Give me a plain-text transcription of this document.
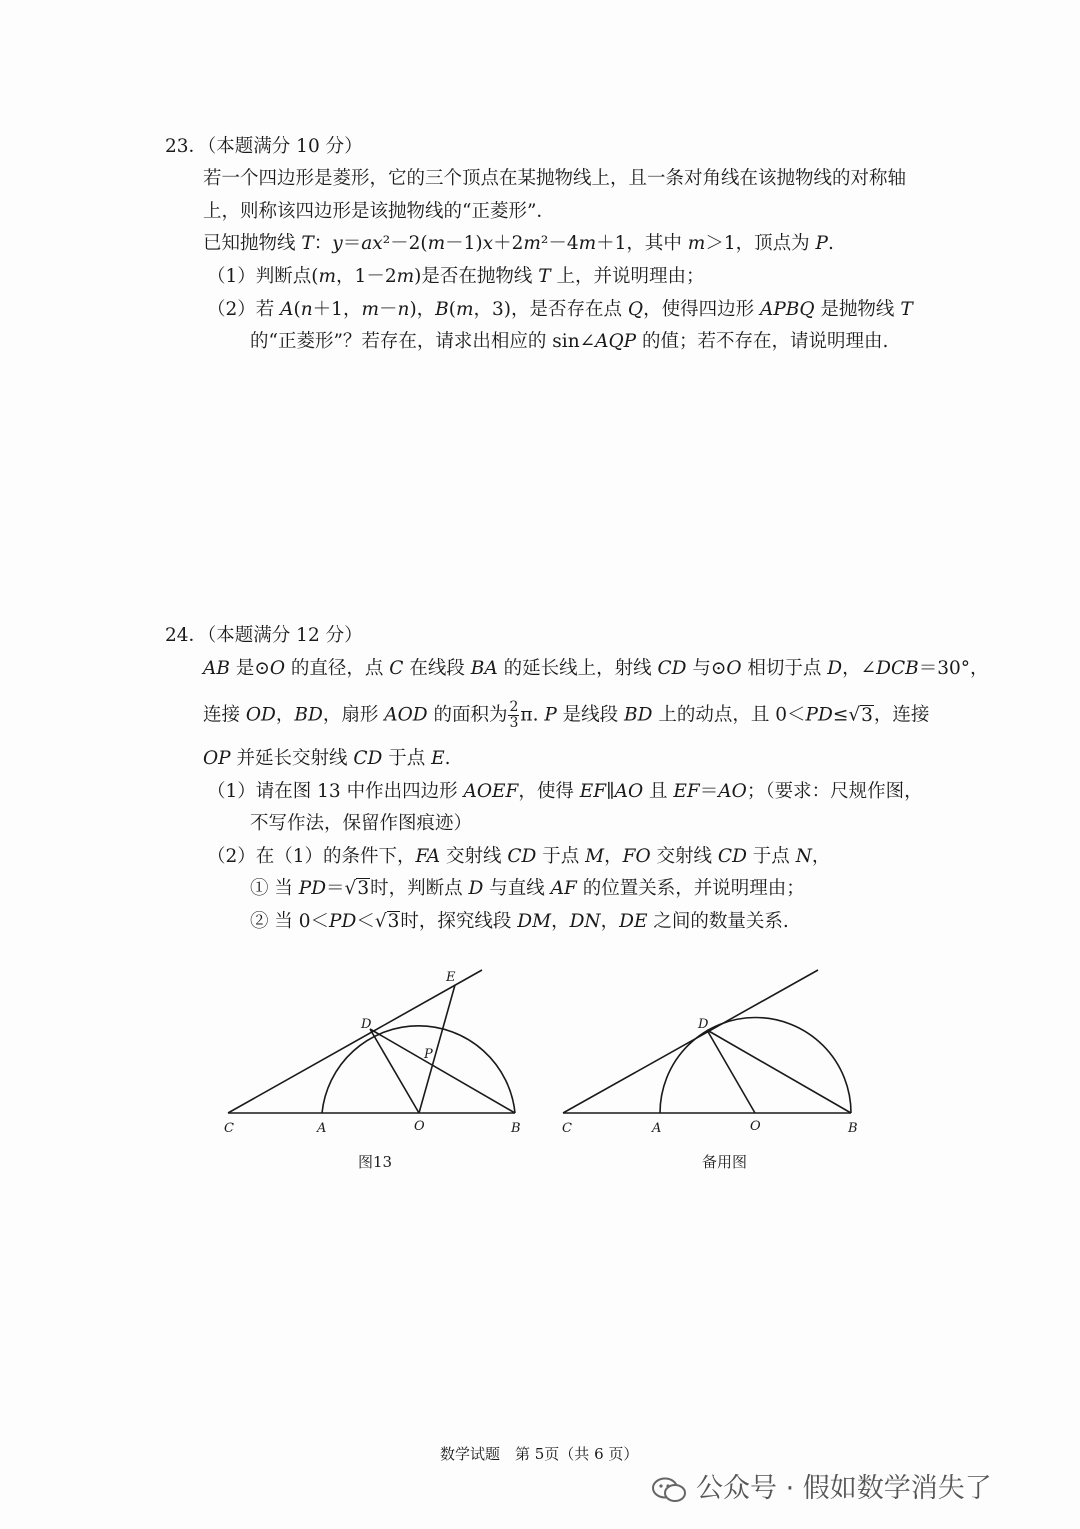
23．（本题满分 10 分）
若一个四边形是菱形，它的三个顶点在某抛物线上，且一条对角线在该抛物线的对称轴
上，则称该四边形是该抛物线的“正菱形”．
已知抛物线 T：y＝ax²－2(m－1)x＋2m²－4m＋1，其中 m＞1，顶点为 P.
（1）判断点(m，1－2m)是否在抛物线 T 上，并说明理由；
（2）若 A(n＋1，m－n)，B(m，3)，是否存在点 Q，使得四边形 APBQ 是抛物线 T
的“正菱形”？若存在，请求出相应的 sin∠AQP 的值；若不存在，请说明理由.
24．（本题满分 12 分）
AB 是⊙O 的直径，点 C 在线段 BA 的延长线上，射线 CD 与⊙O 相切于点 D，∠DCB＝30°，
连接 OD，BD，扇形 AOD 的面积为 $\frac{2}{3} \pi$. P 是线段 BD 上的动点，且 0＜PD≤√3，连接
OP 并延长交射线 CD 于点 E.
（1）请在图 13 中作出四边形 AOEF，使得 EF∥AO 且 EF＝AO；（要求：尺规作图，
不写作法，保留作图痕迹）
（2）在（1）的条件下，FA 交射线 CD 于点 M，FO 交射线 CD 于点 N，
① 当 PD＝√3时，判断点 D 与直线 AF 的位置关系，并说明理由；
② 当 0＜PD＜√3时，探究线段 DM，DN，DE 之间的数量关系.
E
D
P
C	A	O	B
图13
D
C	A	O	B
备用图
数学试题　第 5页（共 6 页）
公众号 · 假如数学消失了
